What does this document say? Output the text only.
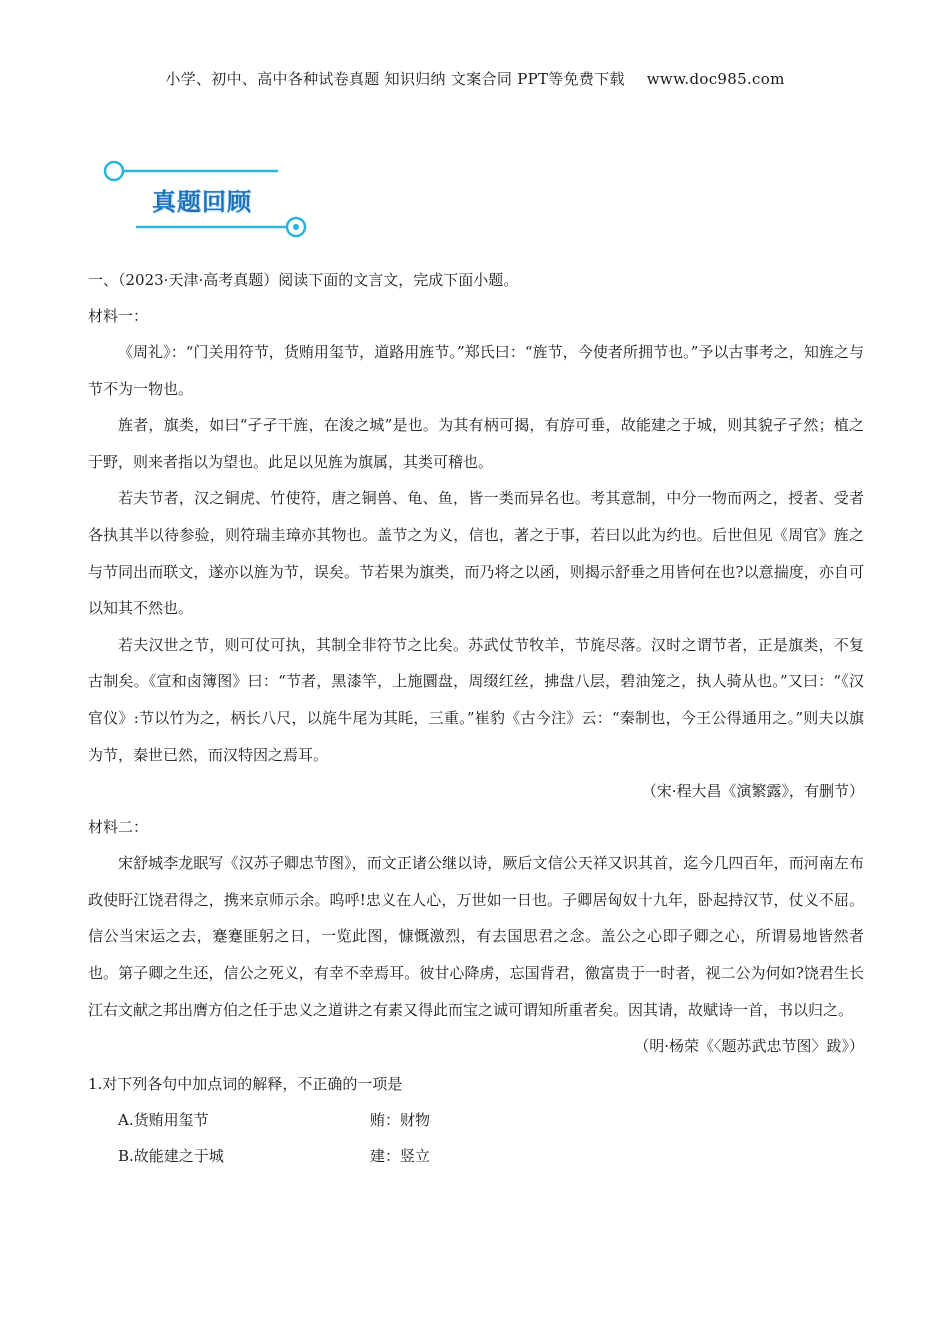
小学、初中、高中各种试卷真题 知识归纳 文案合同 PPT等免费下载 www.doc985.com
真题回顾
一、（2023·天津·高考真题）阅读下面的文言文，完成下面小题。

材料一：

《周礼》：“门关用符节，货贿用玺节，道路用旌节。”郑氏曰：“旌节，今使者所拥节也。”予以古事考之，知旌之与节不为一物也。

旌者，旗类，如曰“孑孑干旌，在浚之城”是也。为其有柄可揭，有斿可垂，故能建之于城，则其貌孑孑然；植之于野，则来者指以为望也。此足以见旌为旗属，其类可稽也。

若夫节者，汉之铜虎、竹使符，唐之铜兽、龟、鱼，皆一类而异名也。考其意制，中分一物而两之，授者、受者各执其半以待参验，则符瑞圭璋亦其物也。盖节之为义，信也，著之于事，若曰以此为约也。后世但见《周官》旌之与节同出而联文，遂亦以旌为节，误矣。节若果为旗类，而乃将之以函，则揭示舒垂之用皆何在也?以意揣度，亦自可以知其不然也。

若夫汉世之节，则可仗可执，其制全非符节之比矣。苏武仗节牧羊，节旄尽落。汉时之谓节者，正是旗类，不复古制矣。《宣和卤簿图》曰：“节者，黑漆竿，上施圜盘，周缀红丝，拂盘八层，碧油笼之，执人骑从也。”又曰：“《汉官仪》:节以竹为之，柄长八尺，以旄牛尾为其眊，三重。”崔豹《古今注》云：“秦制也，今王公得通用之。”则夫以旗为节，秦世已然，而汉特因之焉耳。

（宋·程大昌《演繁露》，有删节）

材料二：

宋舒城李龙眠写《汉苏子卿忠节图》，而文正诸公继以诗，厥后文信公天祥又识其首，迄今几四百年，而河南左布政使盱江饶君得之，携来京师示余。呜呼!忠义在人心，万世如一日也。子卿居匈奴十九年，卧起持汉节，仗义不屈。信公当宋运之去，蹇蹇匪躬之日，一览此图，慷慨激烈，有去国思君之念。盖公之心即子卿之心，所谓易地皆然者也。第子卿之生还，信公之死义，有幸不幸焉耳。彼甘心降虏，忘国背君，徼富贵于一时者，视二公为何如?饶君生长江右文献之邦出膺方伯之任于忠义之道讲之有素又得此而宝之诚可谓知所重者矣。因其请，故赋诗一首，书以归之。

（明·杨荣《〈题苏武忠节图〉跋》）

1.对下列各句中加点词的解释，不正确的一项是
A.货贿用玺节	贿：财物
B.故能建之于城	建：竖立
